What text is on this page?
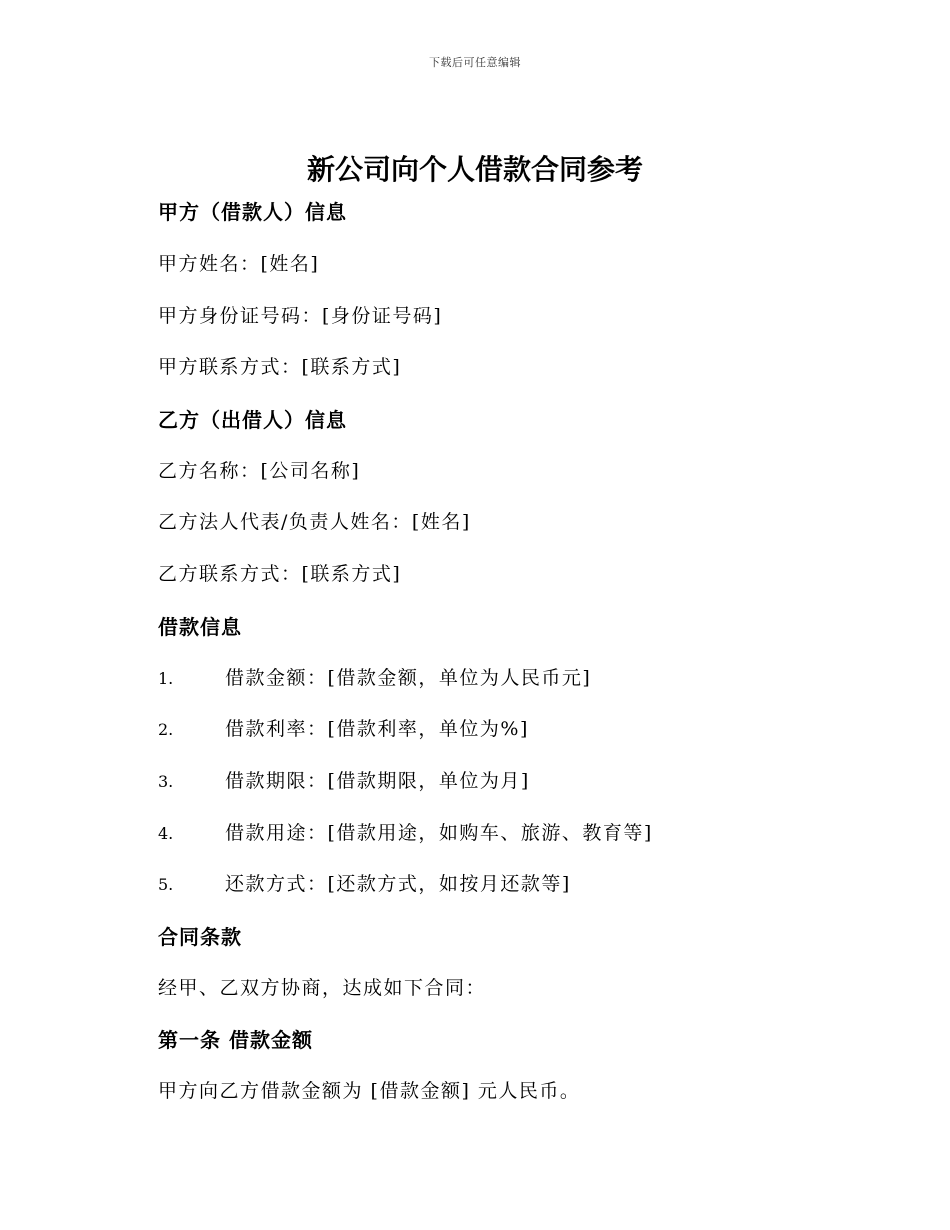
下载后可任意编辑
新公司向个人借款合同参考
甲方（借款人）信息
甲方姓名：[姓名]
甲方身份证号码：[身份证号码]
甲方联系方式：[联系方式]
乙方（出借人）信息
乙方名称：[公司名称]
乙方法人代表/负责人姓名：[姓名]
乙方联系方式：[联系方式]
借款信息
1.	借款金额：[借款金额，单位为人民币元]
2.	借款利率：[借款利率，单位为%]
3.	借款期限：[借款期限，单位为月]
4.	借款用途：[借款用途，如购车、旅游、教育等]
5.	还款方式：[还款方式，如按月还款等]
合同条款
经甲、乙双方协商，达成如下合同：
第一条 借款金额
甲方向乙方借款金额为 [借款金额] 元人民币。
